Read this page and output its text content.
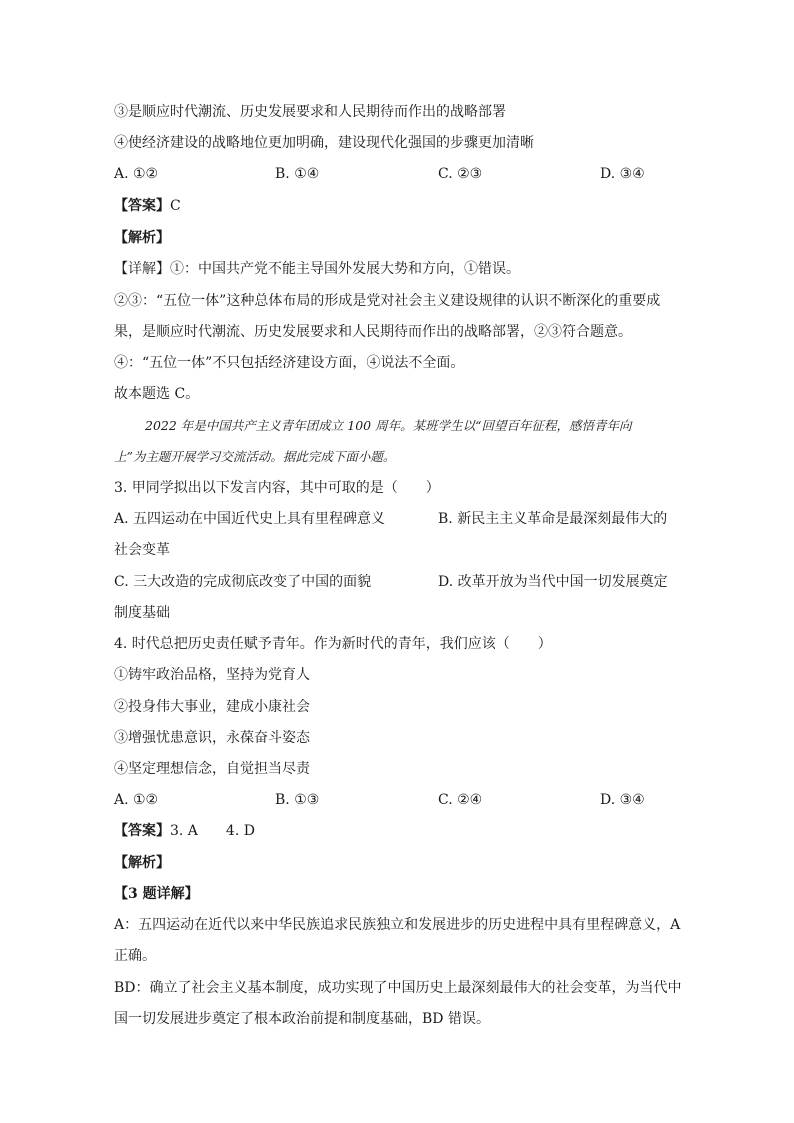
③是顺应时代潮流、历史发展要求和人民期待而作出的战略部署
④使经济建设的战略地位更加明确，建设现代化强国的步骤更加清晰
A. ①②	B. ①④	C. ②③	D. ③④
【答案】C
【解析】
【详解】①：中国共产党不能主导国外发展大势和方向，①错误。
②③：“五位一体”这种总体布局的形成是党对社会主义建设规律的认识不断深化的重要成
果，是顺应时代潮流、历史发展要求和人民期待而作出的战略部署，②③符合题意。
④：“五位一体”不只包括经济建设方面，④说法不全面。
故本题选 C。
2022 年是中国共产主义青年团成立 100 周年。某班学生以“回望百年征程，感悟青年向
上”为主题开展学习交流活动。据此完成下面小题。
3. 甲同学拟出以下发言内容，其中可取的是（　　）
A. 五四运动在中国近代史上具有里程碑意义	B. 新民主主义革命是最深刻最伟大的
社会变革
C. 三大改造的完成彻底改变了中国的面貌	D. 改革开放为当代中国一切发展奠定
制度基础
4. 时代总把历史责任赋予青年。作为新时代的青年，我们应该（　　）
①铸牢政治品格，坚持为党育人
②投身伟大事业，建成小康社会
③增强忧患意识，永葆奋斗姿态
④坚定理想信念，自觉担当尽责
A. ①②	B. ①③	C. ②④	D. ③④
【答案】3. A　　4. D
【解析】
【3 题详解】
A：五四运动在近代以来中华民族追求民族独立和发展进步的历史进程中具有里程碑意义，A
正确。
BD：确立了社会主义基本制度，成功实现了中国历史上最深刻最伟大的社会变革，为当代中
国一切发展进步奠定了根本政治前提和制度基础，BD 错误。
